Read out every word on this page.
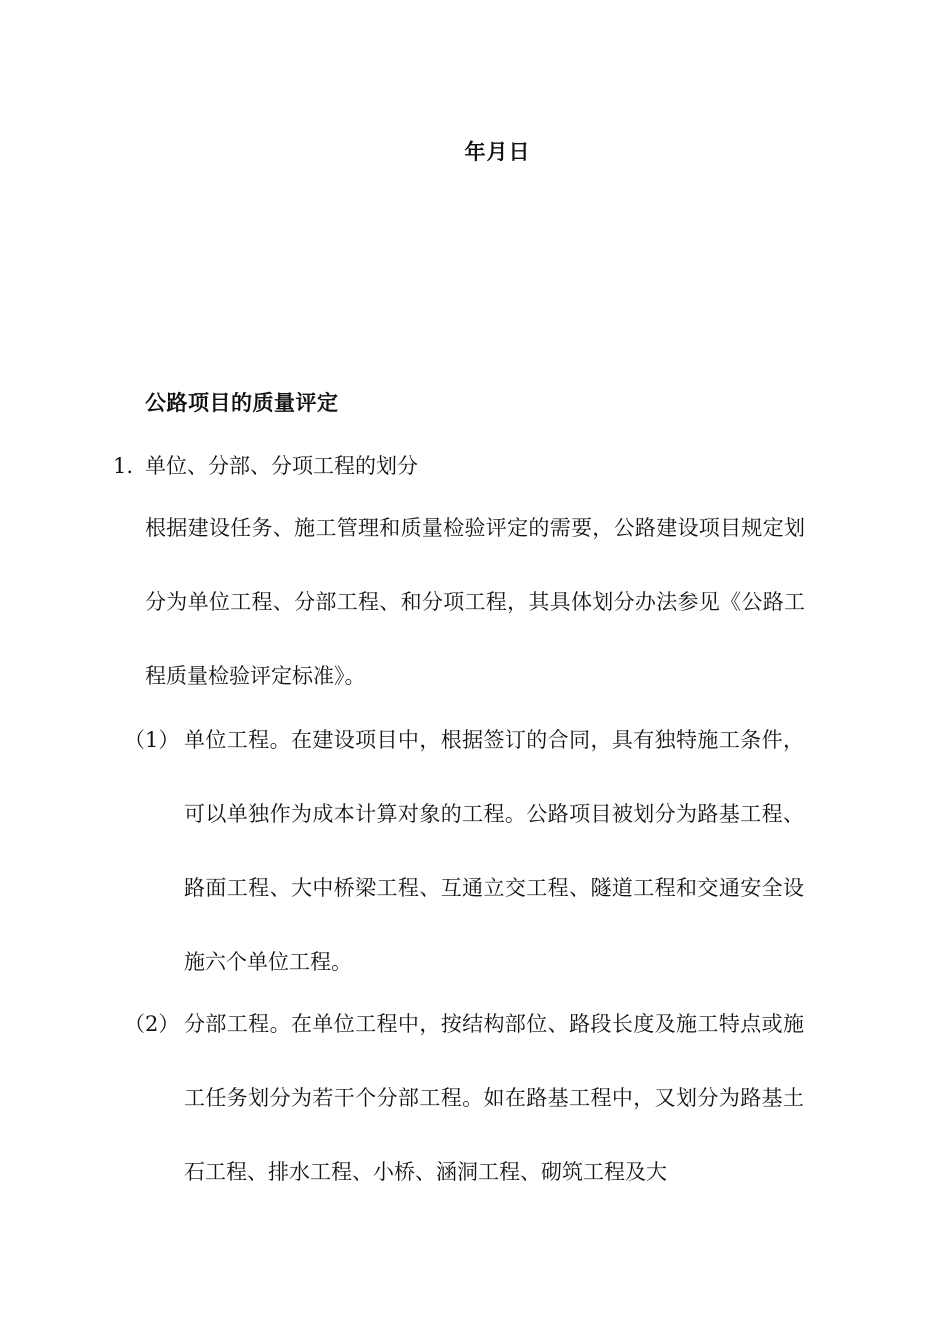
年月日
公路项目的质量评定
1. 单位、分部、分项工程的划分
根据建设任务、施工管理和质量检验评定的需要，公路建设项目规定划分为单位工程、分部工程、和分项工程，其具体划分办法参见《公路工程质量检验评定标准》。
（1） 单位工程。在建设项目中，根据签订的合同，具有独特施工条件，可以单独作为成本计算对象的工程。公路项目被划分为路基工程、路面工程、大中桥梁工程、互通立交工程、隧道工程和交通安全设施六个单位工程。
（2） 分部工程。在单位工程中，按结构部位、路段长度及施工特点或施工任务划分为若干个分部工程。如在路基工程中，又划分为路基土石工程、排水工程、小桥、涵洞工程、砌筑工程及大
